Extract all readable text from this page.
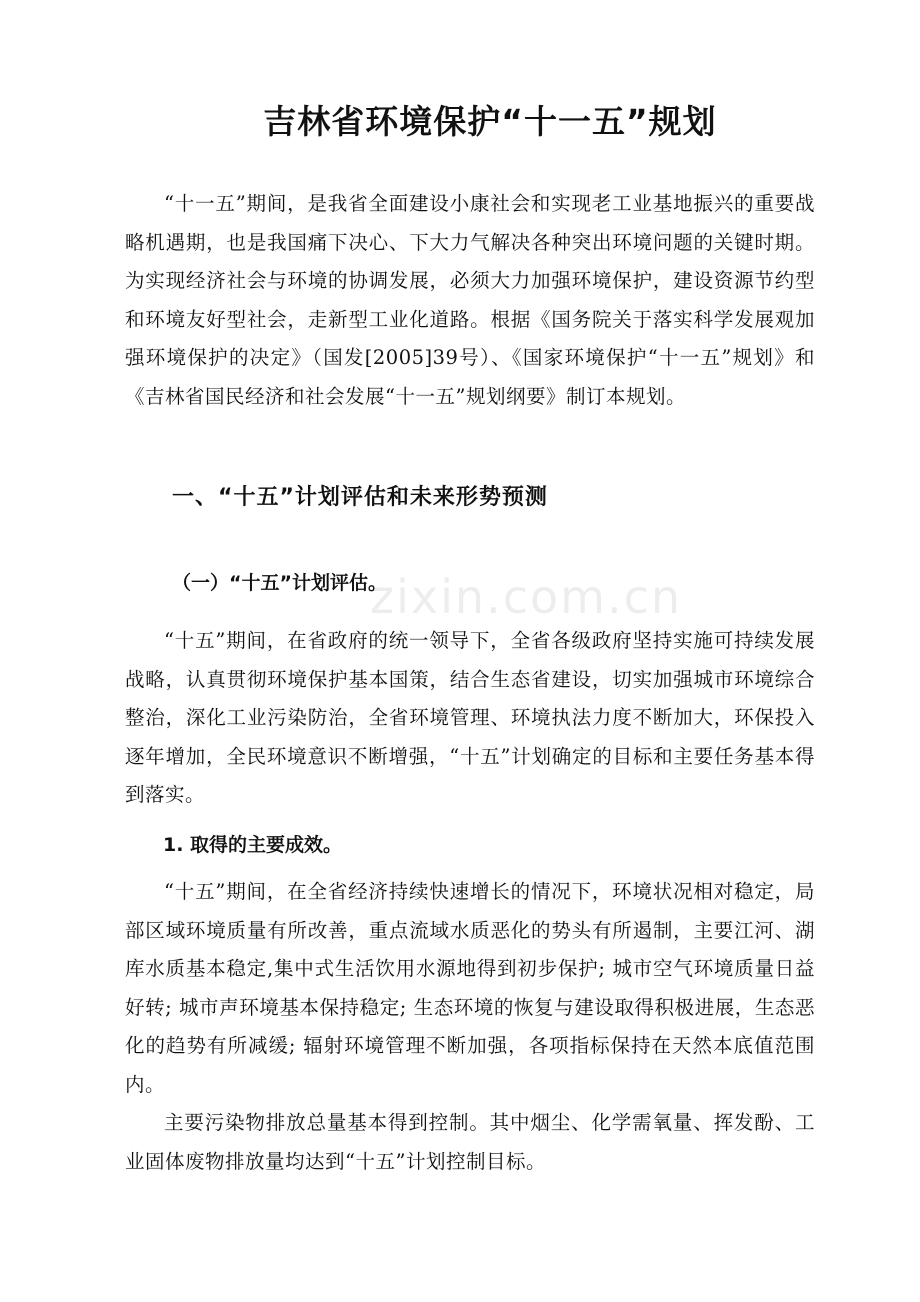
吉林省环境保护“十一五”规划

“十一五”期间，是我省全面建设小康社会和实现老工业基地振兴的重要战略机遇期，也是我国痛下决心、下大力气解决各种突出环境问题的关键时期。为实现经济社会与环境的协调发展，必须大力加强环境保护，建设资源节约型和环境友好型社会，走新型工业化道路。根据《国务院关于落实科学发展观加强环境保护的决定》（国发[2005]39号）、《国家环境保护“十一五”规划》和《吉林省国民经济和社会发展“十一五”规划纲要》制订本规划。

一、“十五”计划评估和未来形势预测
（一）“十五”计划评估。
zixin.com.cn

“十五”期间，在省政府的统一领导下，全省各级政府坚持实施可持续发展战略，认真贯彻环境保护基本国策，结合生态省建设，切实加强城市环境综合整治，深化工业污染防治，全省环境管理、环境执法力度不断加大，环保投入逐年增加，全民环境意识不断增强，“十五”计划确定的目标和主要任务基本得到落实。

1. 取得的主要成效。

“十五”期间，在全省经济持续快速增长的情况下，环境状况相对稳定，局部区域环境质量有所改善，重点流域水质恶化的势头有所遏制，主要江河、湖库水质基本稳定,集中式生活饮用水源地得到初步保护; 城市空气环境质量日益好转; 城市声环境基本保持稳定; 生态环境的恢复与建设取得积极进展，生态恶化的趋势有所减缓; 辐射环境管理不断加强，各项指标保持在天然本底值范围内。

主要污染物排放总量基本得到控制。其中烟尘、化学需氧量、挥发酚、工业固体废物排放量均达到“十五”计划控制目标。
